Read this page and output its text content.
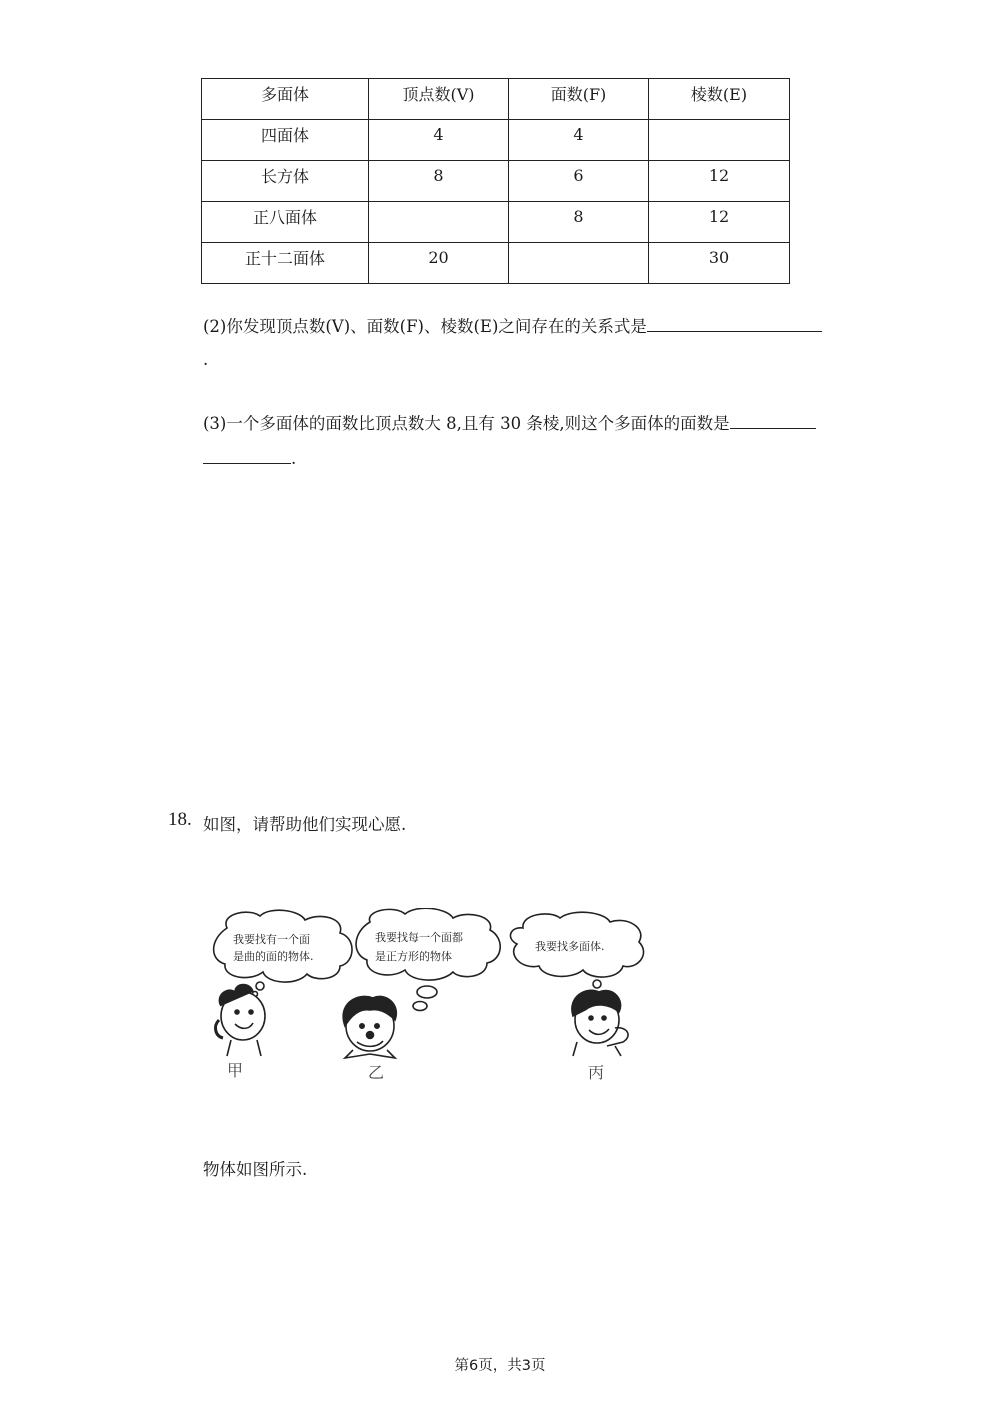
多面体	顶点数(V)	面数(F)	棱数(E)
四面体	4	4	
长方体	8	6	12
正八面体		8	12
正十二面体	20		30
(2)你发现顶点数(V)、面数(F)、棱数(E)之间存在的关系式是
.
(3)一个多面体的面数比顶点数大 8,且有 30 条棱,则这个多面体的面数是
.
18. 如图，请帮助他们实现心愿.
我要找有一个面
是曲的面的物体.
我要找每一个面都
是正方形的物体
我要找多面体.
甲	乙	丙
物体如图所示.
第6页，共3页
